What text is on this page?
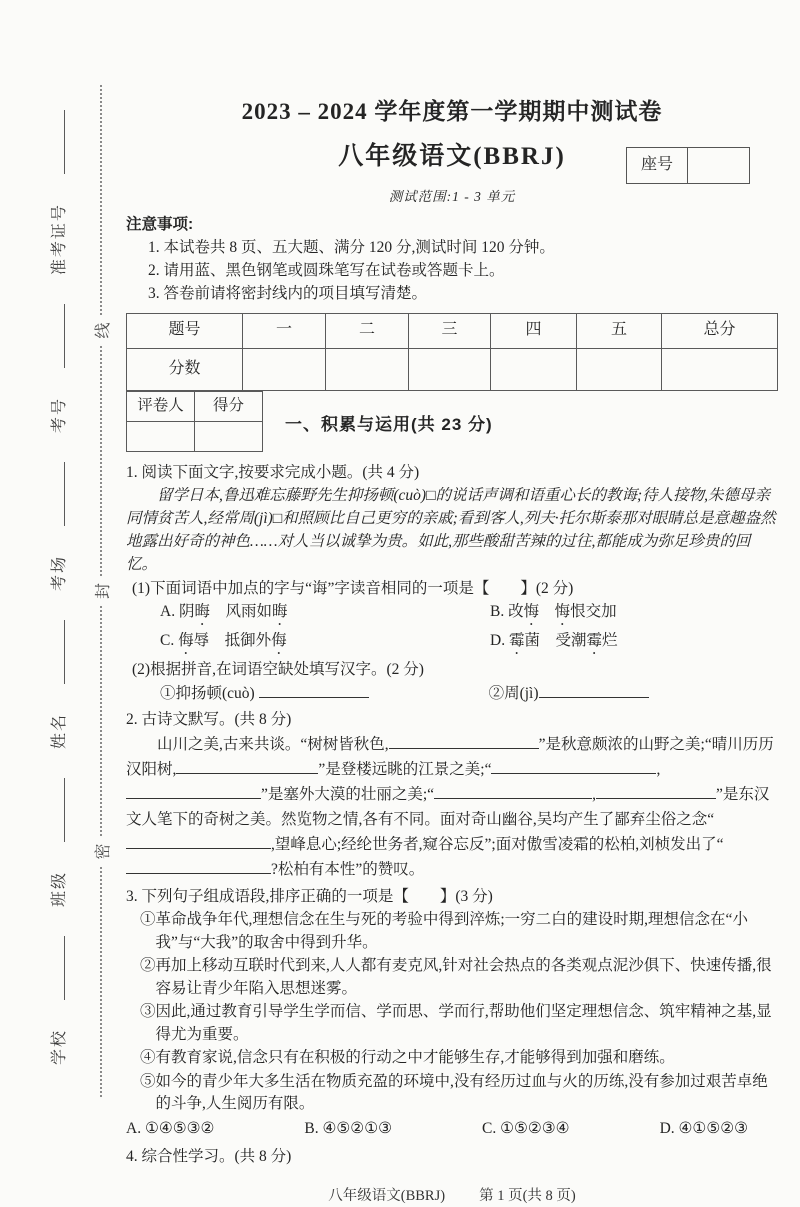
学校
班级
姓名
考场
考号
准考证号
密
封
线
2023 – 2024 学年度第一学期期中测试卷
八年级语文(BBRJ)	座号
测试范围:1 - 3 单元
注意事项:
1. 本试卷共 8 页、五大题、满分 120 分,测试时间 120 分钟。
2. 请用蓝、黑色钢笔或圆珠笔写在试卷或答题卡上。
3. 答卷前请将密封线内的项目填写清楚。
题号	一	二	三	四	五	总分
分数						
评卷人	得分

一、积累与运用(共 23 分)
1. 阅读下面文字,按要求完成小题。(共 4 分)
留学日本,鲁迅难忘藤野先生抑扬顿(cuò)□的说话声调和语重心长的教诲;待人接物,朱德母亲同情贫苦人,经常周(jì)□和照顾比自己更穷的亲戚;看到客人,列夫·托尔斯泰那对眼睛总是意趣盎然地露出好奇的神色……对人当以诚挚为贵。如此,那些酸甜苦辣的过往,都能成为弥足珍贵的回忆。
(1)下面词语中加点的字与“诲”字读音相同的一项是【　　】(2 分)
A. 阴晦　风雨如晦	B. 改悔　 悔恨交加
C. 侮辱　抵御外侮	D. 霉菌　受潮霉烂
(2)根据拼音,在词语空缺处填写汉字。(2 分)
①抑扬顿(cuò)	②周(jì)
2. 古诗文默写。(共 8 分)

山川之美,古来共谈。“树树皆秋色,	”是秋意颇浓的山野之美;“晴川历历汉阳树,	”是登楼远眺的江景之美;“	,”是塞外大漠的壮丽之美;“	,	”是东汉文人笔下的奇树之美。然览物之情,各有不同。面对奇山幽谷,吴均产生了鄙弃尘俗之念“,望峰息心;经纶世务者,窥谷忘反”;面对傲雪凌霜的松柏,刘桢发出了“?松柏有本性”的赞叹。

3. 下列句子组成语段,排序正确的一项是【　　】(3 分)
①革命战争年代,理想信念在生与死的考验中得到淬炼;一穷二白的建设时期,理想信念在“小我”与“大我”的取舍中得到升华。
②再加上移动互联时代到来,人人都有麦克风,针对社会热点的各类观点泥沙俱下、快速传播,很容易让青少年陷入思想迷雾。
③因此,通过教育引导学生学而信、学而思、学而行,帮助他们坚定理想信念、筑牢精神之基,显得尤为重要。
④有教育家说,信念只有在积极的行动之中才能够生存,才能够得到加强和磨练。
⑤如今的青少年大多生活在物质充盈的环境中,没有经历过血与火的历练,没有参加过艰苦卓绝的斗争,人生阅历有限。
A. ①④⑤③②	B. ④⑤②①③	C. ①⑤②③④	D. ④①⑤②③
4. 综合性学习。(共 8 分)
八年级语文(BBRJ) 第 1 页(共 8 页)
